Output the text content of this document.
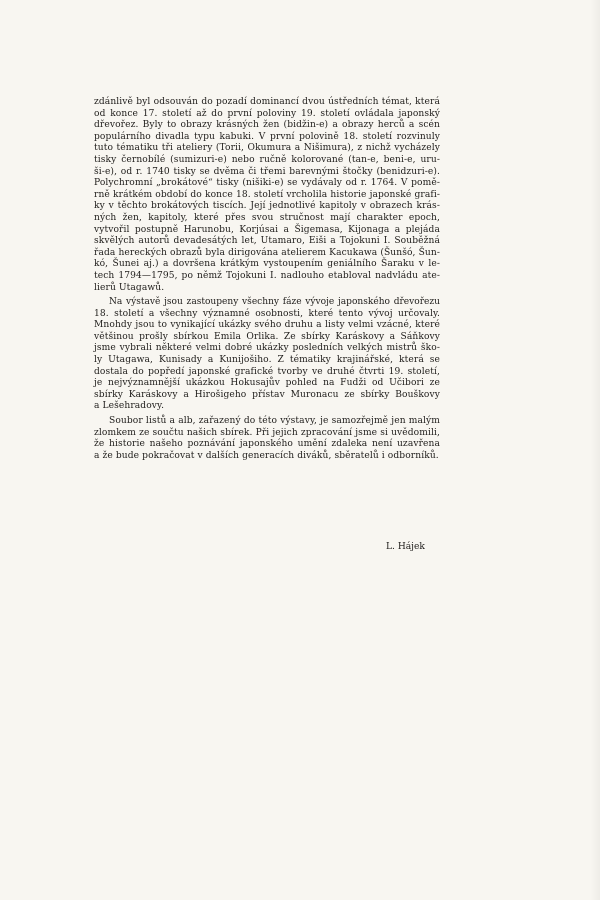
zdánlivě byl odsouván do pozadí dominancí dvou ústředních témat, která
od konce 17. století až do první poloviny 19. století ovládala japonský
dřevořez. Byly to obrazy krásných žen (bidžin-e) a obrazy herců a scén
populárního divadla typu kabuki. V první polovině 18. století rozvinuly
tuto tématiku tři ateliery (Torii, Okumura a Nišimura), z nichž vycházely
tisky černobílé (sumizuri-e) nebo ručně kolorované (tan-e, beni-e, uru-
ši-e), od r. 1740 tisky se dvěma či třemi barevnými štočky (benidzuri-e).
Polychromní „brokátové“ tisky (nišiki-e) se vydávaly od r. 1764. V pomě-
rně krátkém období do konce 18. století vrcholila historie japonské grafi-
ky v těchto brokátových tiscích. Její jednotlivé kapitoly v obrazech krás-
ných žen, kapitoly, které přes svou stručnost mají charakter epoch,
vytvořil postupně Harunobu, Korjúsai a Šigemasa, Kijonaga a plejáda
skvělých autorů devadesátých let, Utamaro, Eiši a Tojokuni I. Souběžná
řada hereckých obrazů byla dirigována atelierem Kacukawa (Šunšó, Šun-
kó, Šunei aj.) a dovršena krátkým vystoupením geniálního Šaraku v le-
tech 1794—1795, po němž Tojokuni I. nadlouho etabloval nadvládu ate-
lierů Utagawů.

Na výstavě jsou zastoupeny všechny fáze vývoje japonského dřevořezu
18. století a všechny významné osobnosti, které tento vývoj určovaly.
Mnohdy jsou to vynikající ukázky svého druhu a listy velmi vzácné, které
většinou prošly sbírkou Emila Orlika. Ze sbírky Karáskovy a Sáňkovy
jsme vybrali některé velmi dobré ukázky posledních velkých mistrů ško-
ly Utagawa, Kunisady a Kunijošiho. Z tématiky krajinářské, která se
dostala do popředí japonské grafické tvorby ve druhé čtvrti 19. století,
je nejvýznamnější ukázkou Hokusajův pohled na Fudži od Učibori ze
sbírky Karáskovy a Hirošigeho přístav Muronacu ze sbírky Bouškovy
a Lešehradovy.

Soubor listů a alb, zařazený do této výstavy, je samozřejmě jen malým
zlomkem ze součtu našich sbírek. Při jejich zpracování jsme si uvědomili,
že historie našeho poznávání japonského umění zdaleka není uzavřena
a že bude pokračovat v dalších generacích diváků, sběratelů i odborníků.

L. Hájek
